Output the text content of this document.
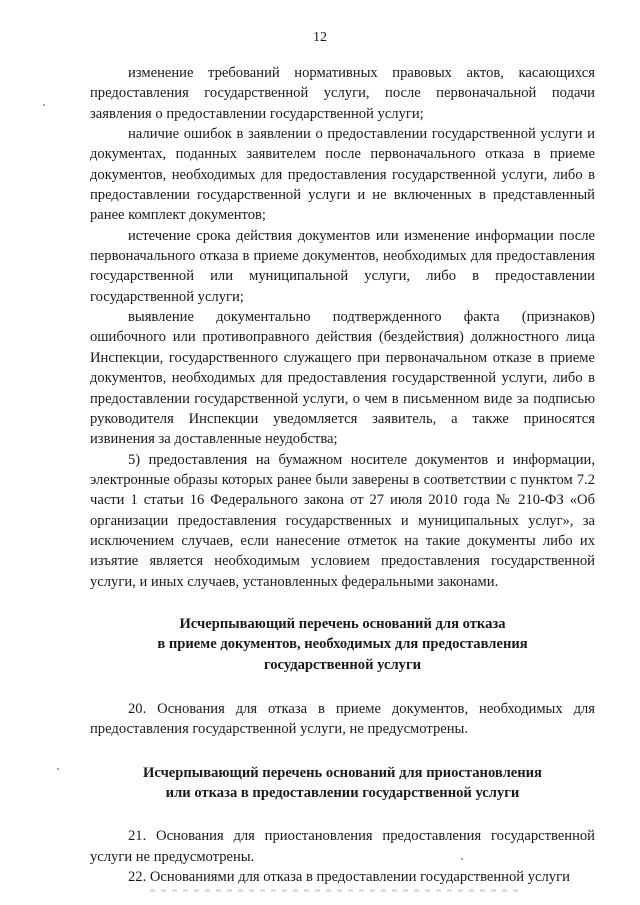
12

изменение требований нормативных правовых актов, касающихся предоставления государственной услуги, после первоначальной подачи заявления о предоставлении государственной услуги;

наличие ошибок в заявлении о предоставлении государственной услуги и документах, поданных заявителем после первоначального отказа в приеме документов, необходимых для предоставления государственной услуги, либо в предоставлении государственной услуги и не включенных в представленный ранее комплект документов;

истечение срока действия документов или изменение информации после первоначального отказа в приеме документов, необходимых для предоставления государственной или муниципальной услуги, либо в предоставлении государственной услуги;

выявление документально подтвержденного факта (признаков) ошибочного или противоправного действия (бездействия) должностного лица Инспекции, государственного служащего при первоначальном отказе в приеме документов, необходимых для предоставления государственной услуги, либо в предоставлении государственной услуги, о чем в письменном виде за подписью руководителя Инспекции уведомляется заявитель, а также приносятся извинения за доставленные неудобства;

5) предоставления на бумажном носителе документов и информации, электронные образы которых ранее были заверены в соответствии с пунктом 7.2 части 1 статьи 16 Федерального закона от 27 июля 2010 года № 210-ФЗ «Об организации предоставления государственных и муниципальных услуг», за исключением случаев, если нанесение отметок на такие документы либо их изъятие является необходимым условием предоставления государственной услуги, и иных случаев, установленных федеральными законами.

Исчерпывающий перечень оснований для отказа
в приеме документов, необходимых для предоставления
государственной услуги

20. Основания для отказа в приеме документов, необходимых для предоставления государственной услуги, не предусмотрены.

Исчерпывающий перечень оснований для приостановления
или отказа в предоставлении государственной услуги

21. Основания для приостановления предоставления государственной услуги не предусмотрены.

22. Основаниями для отказа в предоставлении государственной услуги
